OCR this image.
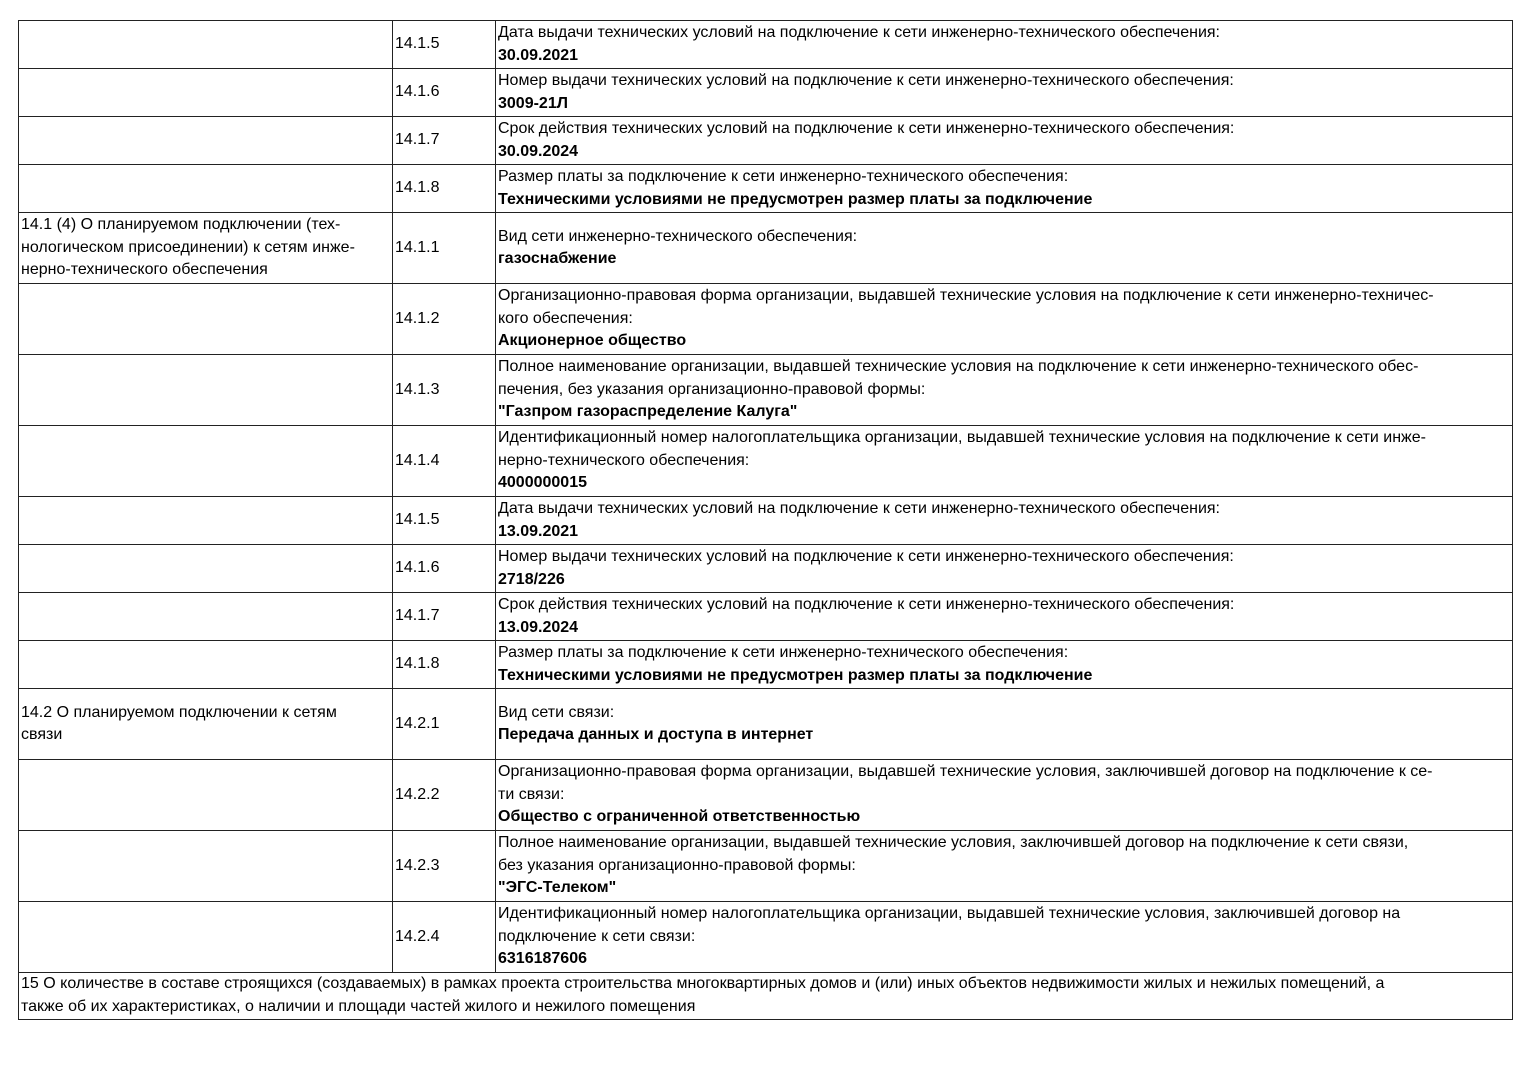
	14.1.5	Дата выдачи технических условий на подключение к сети инженерно-технического обеспечения:
30.09.2021

	14.1.6	Номер выдачи технических условий на подключение к сети инженерно-технического обеспечения:
3009-21Л

	14.1.7	Срок действия технических условий на подключение к сети инженерно-технического обеспечения:
30.09.2024

	14.1.8	Размер платы за подключение к сети инженерно-технического обеспечения:
Техническими условиями не предусмотрен размер платы за подключение

14.1 (4) О планируемом подключении (тех-
нологическом присоединении) к сетям инже-
нерно-технического обеспечения	14.1.1	Вид сети инженерно-технического обеспечения:
газоснабжение

	14.1.2	Организационно-правовая форма организации, выдавшей технические условия на подключение к сети инженерно-техничес-
кого обеспечения:
Акционерное общество

	14.1.3	Полное наименование организации, выдавшей технические условия на подключение к сети инженерно-технического обес-
печения, без указания организационно-правовой формы:
"Газпром газораспределение Калуга"

	14.1.4	Идентификационный номер налогоплательщика организации, выдавшей технические условия на подключение к сети инже-
нерно-технического обеспечения:
4000000015

	14.1.5	Дата выдачи технических условий на подключение к сети инженерно-технического обеспечения:
13.09.2021

	14.1.6	Номер выдачи технических условий на подключение к сети инженерно-технического обеспечения:
2718/226

	14.1.7	Срок действия технических условий на подключение к сети инженерно-технического обеспечения:
13.09.2024

	14.1.8	Размер платы за подключение к сети инженерно-технического обеспечения:
Техническими условиями не предусмотрен размер платы за подключение

14.2 О планируемом подключении к сетям
связи	14.2.1	Вид сети связи:
Передача данных и доступа в интернет

	14.2.2	Организационно-правовая форма организации, выдавшей технические условия, заключившей договор на подключение к се-
ти связи:
Общество с ограниченной ответственностью

	14.2.3	Полное наименование организации, выдавшей технические условия, заключившей договор на подключение к сети связи,
без указания организационно-правовой формы:
"ЭГС-Телеком"

	14.2.4	Идентификационный номер налогоплательщика организации, выдавшей технические условия, заключившей договор на
подключение к сети связи:
6316187606

15 О количестве в составе строящихся (создаваемых) в рамках проекта строительства многоквартирных домов и (или) иных объектов недвижимости жилых и нежилых помещений, а
также об их характеристиках, о наличии и площади частей жилого и нежилого помещения		
